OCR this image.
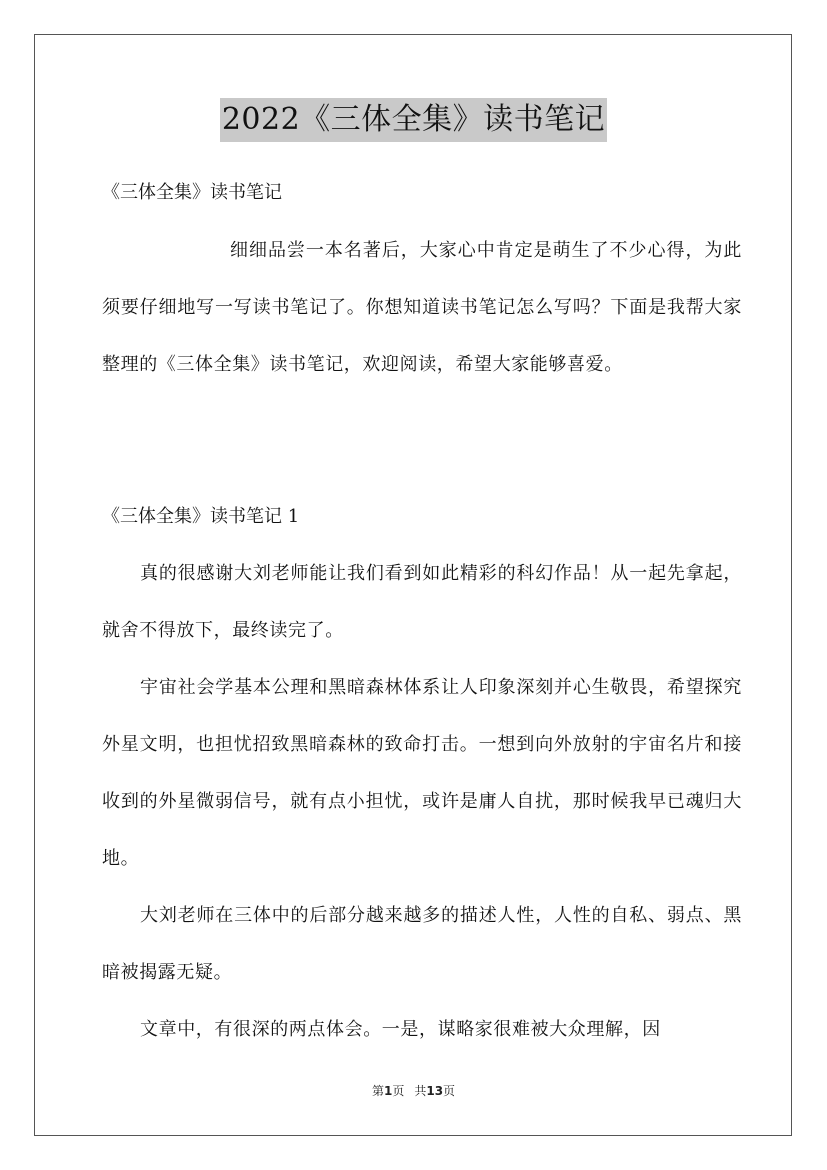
2022《三体全集》读书笔记
《三体全集》读书笔记
细细品尝一本名著后，大家心中肯定是萌生了不少心得，为此须要仔细地写一写读书笔记了。你想知道读书笔记怎么写吗？下面是我帮大家整理的《三体全集》读书笔记，欢迎阅读，希望大家能够喜爱。
《三体全集》读书笔记 1

真的很感谢大刘老师能让我们看到如此精彩的科幻作品！从一起先拿起，就舍不得放下，最终读完了。

宇宙社会学基本公理和黑暗森林体系让人印象深刻并心生敬畏，希望探究外星文明，也担忧招致黑暗森林的致命打击。一想到向外放射的宇宙名片和接收到的外星微弱信号，就有点小担忧，或许是庸人自扰，那时候我早已魂归大地。

大刘老师在三体中的后部分越来越多的描述人性，人性的自私、弱点、黑暗被揭露无疑。

文章中，有很深的两点体会。一是，谋略家很难被大众理解，因

第1页 共13页
